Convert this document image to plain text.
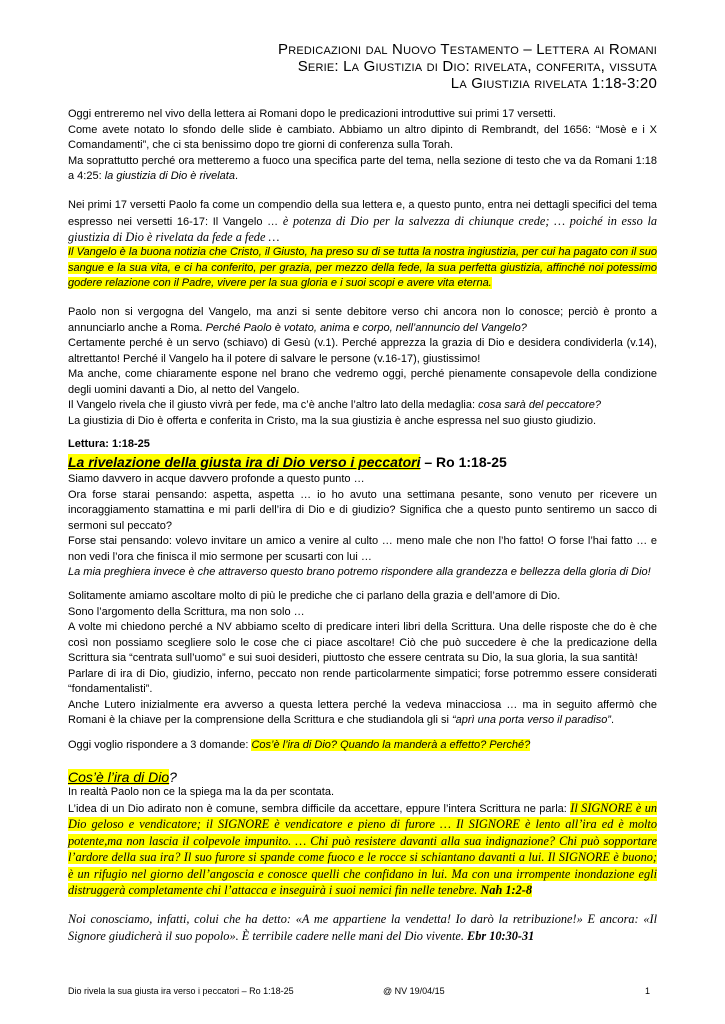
Predicazioni dal Nuovo Testamento – Lettera ai Romani
Serie: La Giustizia di Dio: rivelata, conferita, vissuta
La Giustizia rivelata 1:18-3:20
Oggi entreremo nel vivo della lettera ai Romani dopo le predicazioni introduttive sui primi 17 versetti.
Come avete notato lo sfondo delle slide è cambiato. Abbiamo un altro dipinto di Rembrandt, del 1656: “Mosè e i X Comandamenti”, che ci sta benissimo dopo tre giorni di conferenza sulla Torah.
Ma soprattutto perché ora metteremo a fuoco una specifica parte del tema, nella sezione di testo che va da Romani 1:18 a 4:25: la giustizia di Dio è rivelata.
Nei primi 17 versetti Paolo fa come un compendio della sua lettera e, a questo punto, entra nei dettagli specifici del tema espresso nei versetti 16-17: Il Vangelo … è potenza di Dio per la salvezza di chiunque crede; … poiché in esso la giustizia di Dio è rivelata da fede a fede …
Il Vangelo è la buona notizia che Cristo, il Giusto, ha preso su di se tutta la nostra ingiustizia, per cui ha pagato con il suo sangue e la sua vita, e ci ha conferito, per grazia, per mezzo della fede, la sua perfetta giustizia, affinché noi potessimo godere relazione con il Padre, vivere per la sua gloria e i suoi scopi e avere vita eterna.
Paolo non si vergogna del Vangelo, ma anzi si sente debitore verso chi ancora non lo conosce; perciò è pronto a annunciarlo anche a Roma. Perché Paolo è votato, anima e corpo, nell’annuncio del Vangelo?
Certamente perché è un servo (schiavo) di Gesù (v.1). Perché apprezza la grazia di Dio e desidera condividerla (v.14), altrettanto! Perché il Vangelo ha il potere di salvare le persone (v.16-17), giustissimo!
Ma anche, come chiaramente espone nel brano che vedremo oggi, perché pienamente consapevole della condizione degli uomini davanti a Dio, al netto del Vangelo.
Il Vangelo rivela che il giusto vivrà per fede, ma c’è anche l’altro lato della medaglia: cosa sarà del peccatore?
La giustizia di Dio è offerta e conferita in Cristo, ma la sua giustizia è anche espressa nel suo giusto giudizio.
Lettura: 1:18-25
La rivelazione della giusta ira di Dio verso i peccatori – Ro 1:18-25
Siamo davvero in acque davvero profonde a questo punto …
Ora forse starai pensando: aspetta, aspetta … io ho avuto una settimana pesante, sono venuto per ricevere un incoraggiamento stamattina e mi parli dell’ira di Dio e di giudizio? Significa che a questo punto sentiremo un sacco di sermoni sul peccato?
Forse stai pensando: volevo invitare un amico a venire al culto … meno male che non l’ho fatto! O forse l’hai fatto … e non vedi l’ora che finisca il mio sermone per scusarti con lui …
La mia preghiera invece è che attraverso questo brano potremo rispondere alla grandezza e bellezza della gloria di Dio!
Solitamente amiamo ascoltare molto di più le prediche che ci parlano della grazia e dell’amore di Dio.
Sono l’argomento della Scrittura, ma non solo …
A volte mi chiedono perché a NV abbiamo scelto di predicare interi libri della Scrittura. Una delle risposte che do è che così non possiamo scegliere solo le cose che ci piace ascoltare! Ciò che può succedere è che la predicazione della Scrittura sia “centrata sull’uomo” e sui suoi desideri, piuttosto che essere centrata su Dio, la sua gloria, la sua santità!
Parlare di ira di Dio, giudizio, inferno, peccato non rende particolarmente simpatici; forse potremmo essere considerati “fondamentalisti”.
Anche Lutero inizialmente era avverso a questa lettera perché la vedeva minacciosa … ma in seguito affermò che Romani è la chiave per la comprensione della Scrittura e che studiandola gli si “aprì una porta verso il paradiso”.
Oggi voglio rispondere a 3 domande: Cos’è l’ira di Dio? Quando la manderà a effetto? Perché?
Cos’è l’ira di Dio?
In realtà Paolo non ce la spiega ma la da per scontata.
L’idea di un Dio adirato non è comune, sembra difficile da accettare, eppure l’intera Scrittura ne parla: Il SIGNORE è un Dio geloso e vendicatore; il SIGNORE è vendicatore e pieno di furore … Il SIGNORE è lento all’ira ed è molto potente,ma non lascia il colpevole impunito. … Chi può resistere davanti alla sua indignazione? Chi può sopportare l’ardore della sua ira? Il suo furore si spande come fuoco e le rocce si schiantano davanti a lui. Il SIGNORE è buono; è un rifugio nel giorno dell’angoscia e conosce quelli che confidano in lui. Ma con una irrompente inondazione egli distruggerà completamente chi l’attacca e inseguirà i suoi nemici fin nelle tenebre. Nah 1:2-8
Noi conosciamo, infatti, colui che ha detto: «A me appartiene la vendetta! Io darò la retribuzione!» E ancora: «Il Signore giudicherà il suo popolo». È terribile cadere nelle mani del Dio vivente. Ebr 10:30-31
Dio rivela la sua giusta ira verso i peccatori – Ro 1:18-25	@ NV 19/04/15	1
